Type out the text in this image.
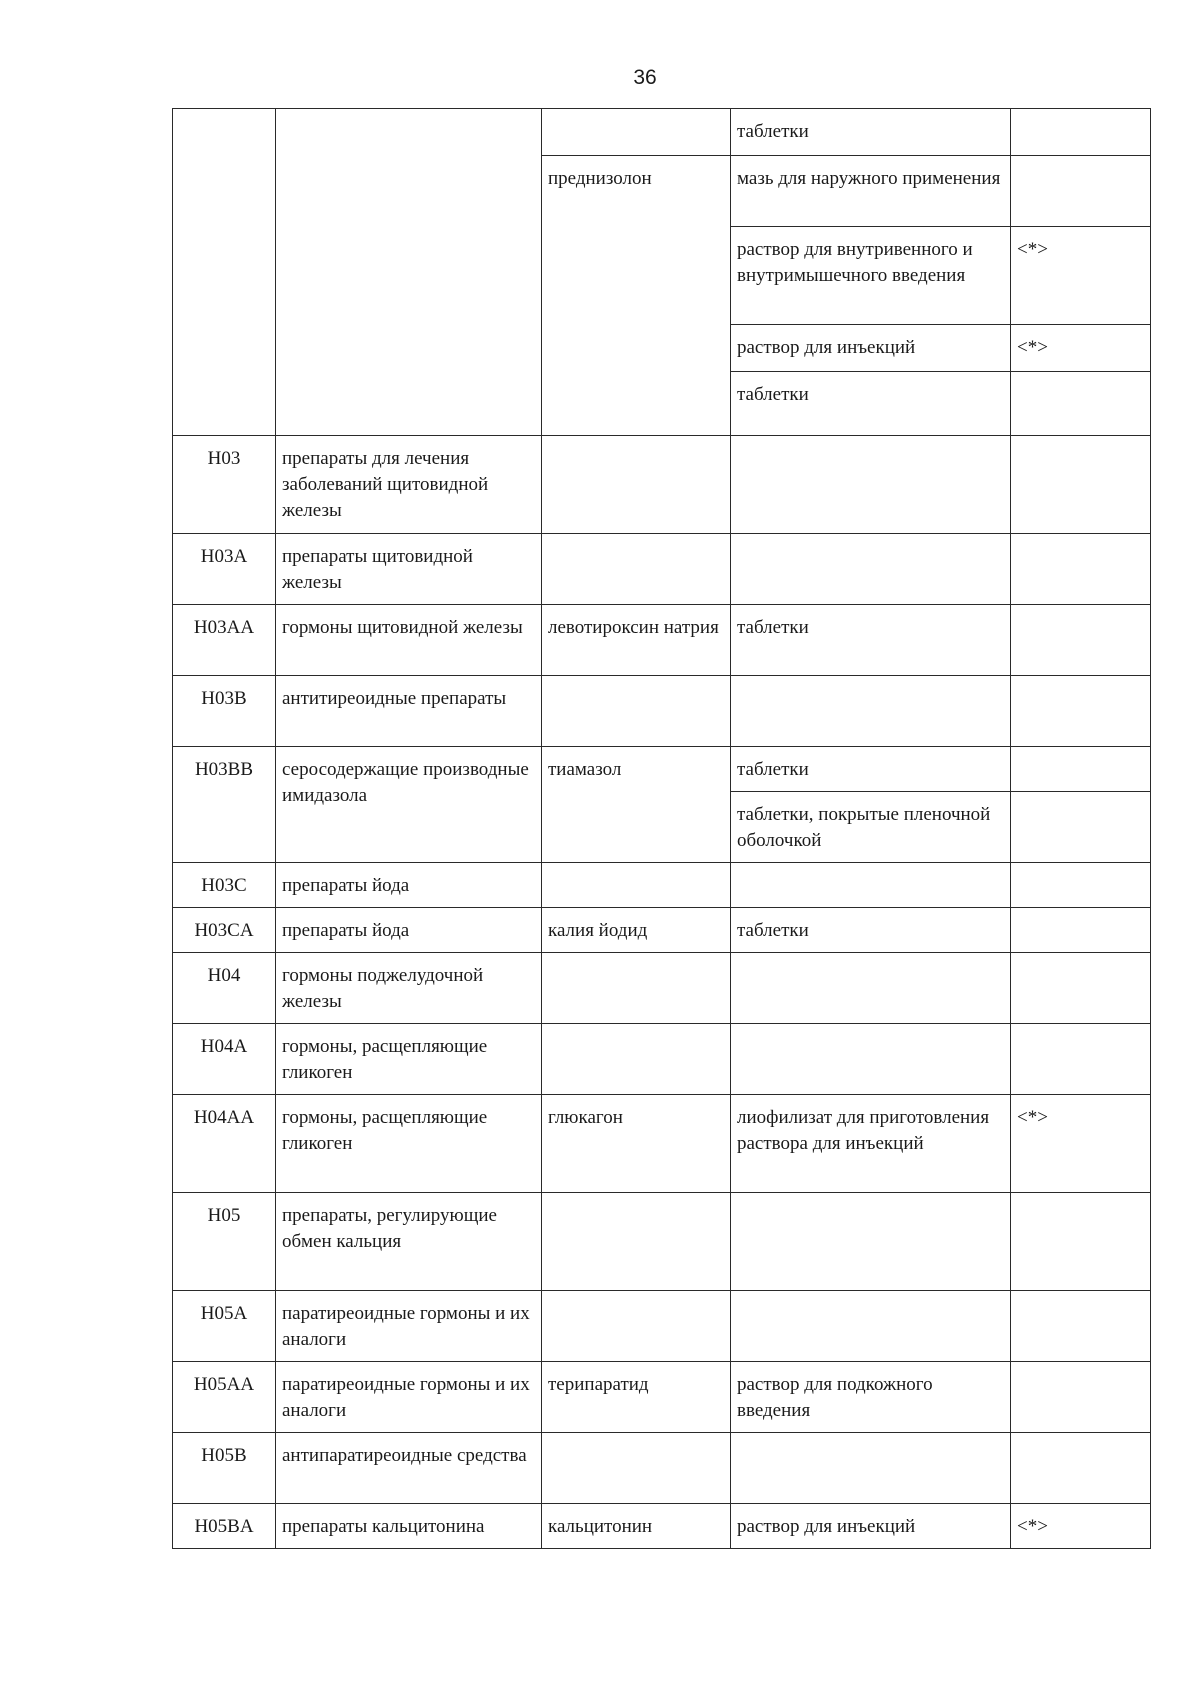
36
			таблетки	
		преднизолон	мазь для наружного применения	
			раствор для внутривенного и внутримышечного введения	<*>
			раствор для инъекций	<*>
			таблетки	

H03	препараты для лечения заболеваний щитовидной железы			
H03A	препараты щитовидной железы			
H03AA	гормоны щитовидной железы	левотироксин натрия	таблетки	
H03B	антитиреоидные препараты			
H03BB	серосодержащие производные имидазола	тиамазол	таблетки	
			таблетки, покрытые пленочной оболочкой	
H03C	препараты йода			
H03CA	препараты йода	калия йодид	таблетки	
H04	гормоны поджелудочной железы			
H04A	гормоны, расщепляющие гликоген			
H04AA	гормоны, расщепляющие гликоген	глюкагон	лиофилизат для приготовления раствора для инъекций	<*>
H05	препараты, регулирующие обмен кальция			
H05A	паратиреоидные гормоны и их аналоги			
H05AA	паратиреоидные гормоны и их аналоги	терипаратид	раствор для подкожного введения	
H05B	антипаратиреоидные средства			
H05BA	препараты кальцитонина	кальцитонин	раствор для инъекций	<*>
